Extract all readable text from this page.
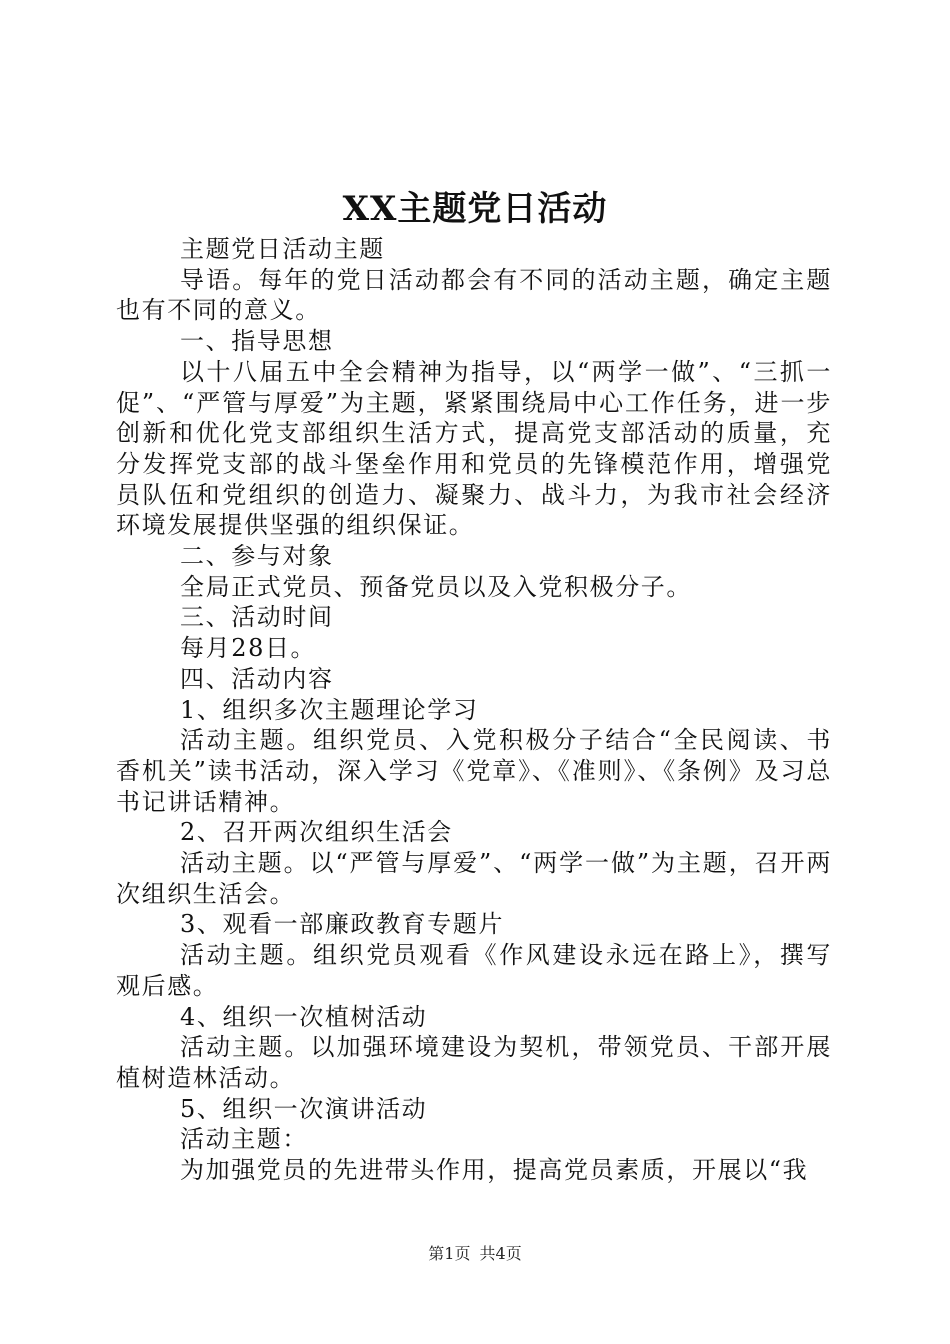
XX主题党日活动

主题党日活动主题

导语。每年的党日活动都会有不同的活动主题，确定主题也有不同的意义。

一、指导思想

以十八届五中全会精神为指导，以“两学一做”、“三抓一促”、“严管与厚爱”为主题，紧紧围绕局中心工作任务，进一步创新和优化党支部组织生活方式，提高党支部活动的质量，充分发挥党支部的战斗堡垒作用和党员的先锋模范作用，增强党员队伍和党组织的创造力、凝聚力、战斗力，为我市社会经济环境发展提供坚强的组织保证。

二、参与对象

全局正式党员、预备党员以及入党积极分子。

三、活动时间

每月28日。

四、活动内容

1、组织多次主题理论学习

活动主题。组织党员、入党积极分子结合“全民阅读、书香机关”读书活动，深入学习《党章》、《准则》、《条例》及习总书记讲话精神。

2、召开两次组织生活会

活动主题。以“严管与厚爱”、“两学一做”为主题，召开两次组织生活会。

3、观看一部廉政教育专题片

活动主题。组织党员观看《作风建设永远在路上》，撰写观后感。

4、组织一次植树活动

活动主题。以加强环境建设为契机，带领党员、干部开展植树造林活动。

5、组织一次演讲活动

活动主题：

为加强党员的先进带头作用，提高党员素质，开展以“我

第1页 共4页
